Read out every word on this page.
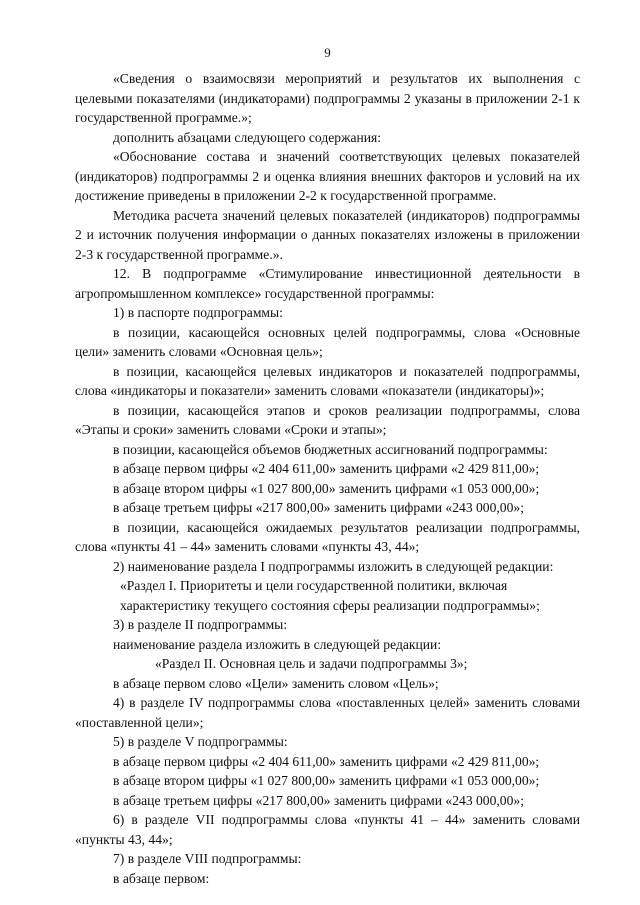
9

«Сведения о взаимосвязи мероприятий и результатов их выполнения с целевыми показателями (индикаторами) подпрограммы 2 указаны в приложении 2-1 к государственной программе.»;

дополнить абзацами следующего содержания:

«Обоснование состава и значений соответствующих целевых показателей (индикаторов) подпрограммы 2 и оценка влияния внешних факторов и условий на их достижение приведены в приложении 2-2 к государственной программе.

Методика расчета значений целевых показателей (индикаторов) подпрограммы 2 и источник получения информации о данных показателях изложены в приложении 2-3 к государственной программе.».

12. В подпрограмме «Стимулирование инвестиционной деятельности в агропромышленном комплексе» государственной программы:

1) в паспорте подпрограммы:

в позиции, касающейся основных целей подпрограммы, слова «Основные цели» заменить словами «Основная цель»;

в позиции, касающейся целевых индикаторов и показателей подпрограммы, слова «индикаторы и показатели» заменить словами «показатели (индикаторы)»;

в позиции, касающейся этапов и сроков реализации подпрограммы, слова «Этапы и сроки» заменить словами «Сроки и этапы»;

в позиции, касающейся объемов бюджетных ассигнований подпрограммы:

в абзаце первом цифры «2 404 611,00» заменить цифрами «2 429 811,00»;

в абзаце втором цифры «1 027 800,00» заменить цифрами «1 053 000,00»;

в абзаце третьем цифры «217 800,00» заменить цифрами «243 000,00»;

в позиции, касающейся ожидаемых результатов реализации подпрограммы, слова «пункты 41 – 44» заменить словами «пункты 43, 44»;

2) наименование раздела I подпрограммы изложить в следующей редакции:

«Раздел I. Приоритеты и цели государственной политики, включая
характеристику текущего состояния сферы реализации подпрограммы»;

3) в разделе II подпрограммы:

наименование раздела изложить в следующей редакции:

«Раздел II. Основная цель и задачи подпрограммы 3»;

в абзаце первом слово «Цели» заменить словом «Цель»;

4) в разделе IV подпрограммы слова «поставленных целей» заменить словами «поставленной цели»;

5) в разделе V подпрограммы:

в абзаце первом цифры «2 404 611,00» заменить цифрами «2 429 811,00»;

в абзаце втором цифры «1 027 800,00» заменить цифрами «1 053 000,00»;

в абзаце третьем цифры «217 800,00» заменить цифрами «243 000,00»;

6) в разделе VII подпрограммы слова «пункты 41 – 44» заменить словами «пункты 43, 44»;

7) в разделе VIII подпрограммы:

в абзаце первом:
